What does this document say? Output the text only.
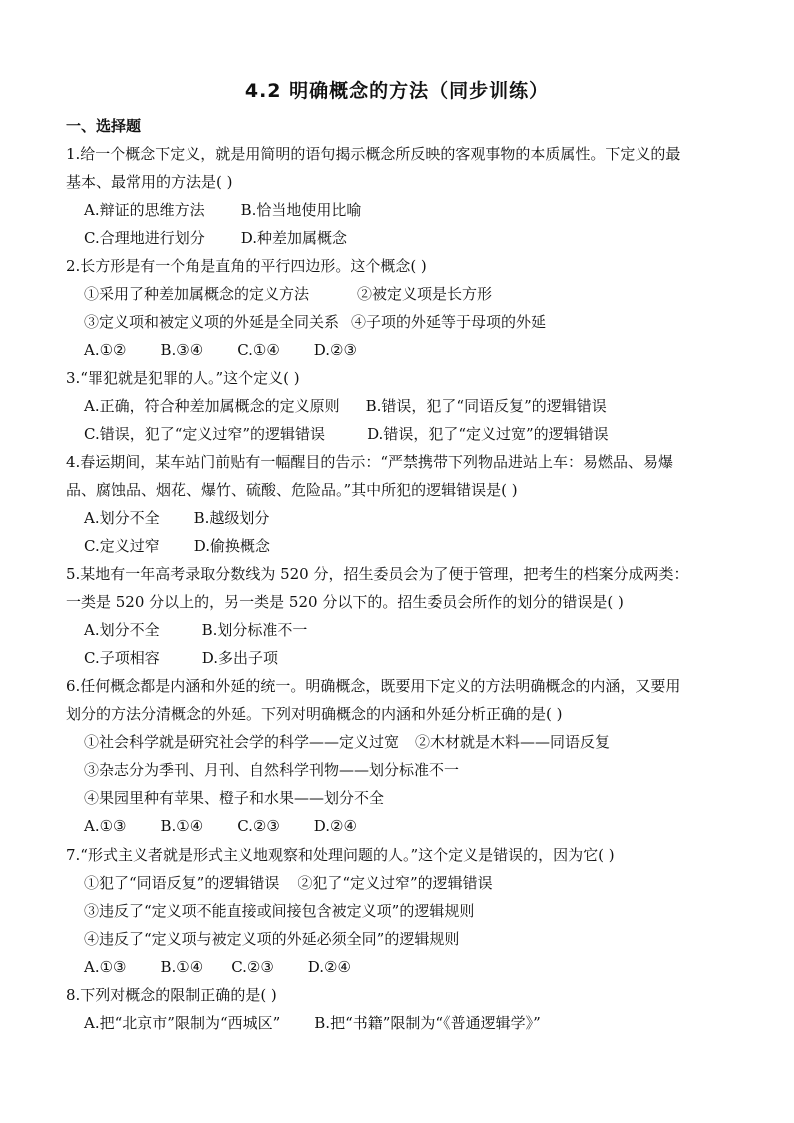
4.2 明确概念的方法（同步训练）
一、选择题
1.给一个概念下定义，就是用简明的语句揭示概念所反映的客观事物的本质属性。下定义的最
基本、最常用的方法是( )
A.辩证的思维方法 B.恰当地使用比喻
C.合理地进行划分 D.种差加属概念
2.长方形是有一个角是直角的平行四边形。这个概念( )
①采用了种差加属概念的定义方法	②被定义项是长方形
③定义项和被定义项的外延是全同关系 ④子项的外延等于母项的外延
A.①② B.③④ C.①④ D.②③
3.“罪犯就是犯罪的人。”这个定义( )
A.正确，符合种差加属概念的定义原则 B.错误，犯了“同语反复”的逻辑错误
C.错误，犯了“定义过窄”的逻辑错误	D.错误，犯了“定义过宽”的逻辑错误
4.春运期间，某车站门前贴有一幅醒目的告示：“严禁携带下列物品进站上车：易燃品、易爆
品、腐蚀品、烟花、爆竹、硫酸、危险品。”其中所犯的逻辑错误是( )
A.划分不全 B.越级划分
C.定义过窄 D.偷换概念
5.某地有一年高考录取分数线为 520 分，招生委员会为了便于管理，把考生的档案分成两类：
一类是 520 分以上的，另一类是 520 分以下的。招生委员会所作的划分的错误是( )
A.划分不全	B.划分标准不一
C.子项相容	D.多出子项
6.任何概念都是内涵和外延的统一。明确概念，既要用下定义的方法明确概念的内涵，又要用
划分的方法分清概念的外延。下列对明确概念的内涵和外延分析正确的是( )
①社会科学就是研究社会学的科学——定义过宽 ②木材就是木料——同语反复
③杂志分为季刊、月刊、自然科学刊物——划分标准不一
④果园里种有苹果、橙子和水果——划分不全
A.①③ B.①④ C.②③ D.②④
7.“形式主义者就是形式主义地观察和处理问题的人。”这个定义是错误的，因为它( )
①犯了“同语反复”的逻辑错误 ②犯了“定义过窄”的逻辑错误
③违反了“定义项不能直接或间接包含被定义项”的逻辑规则
④违反了“定义项与被定义项的外延必须全同”的逻辑规则
A.①③ B.①④ C.②③ D.②④
8.下列对概念的限制正确的是( )
A.把“北京市”限制为“西城区” B.把“书籍”限制为“《普通逻辑学》”
